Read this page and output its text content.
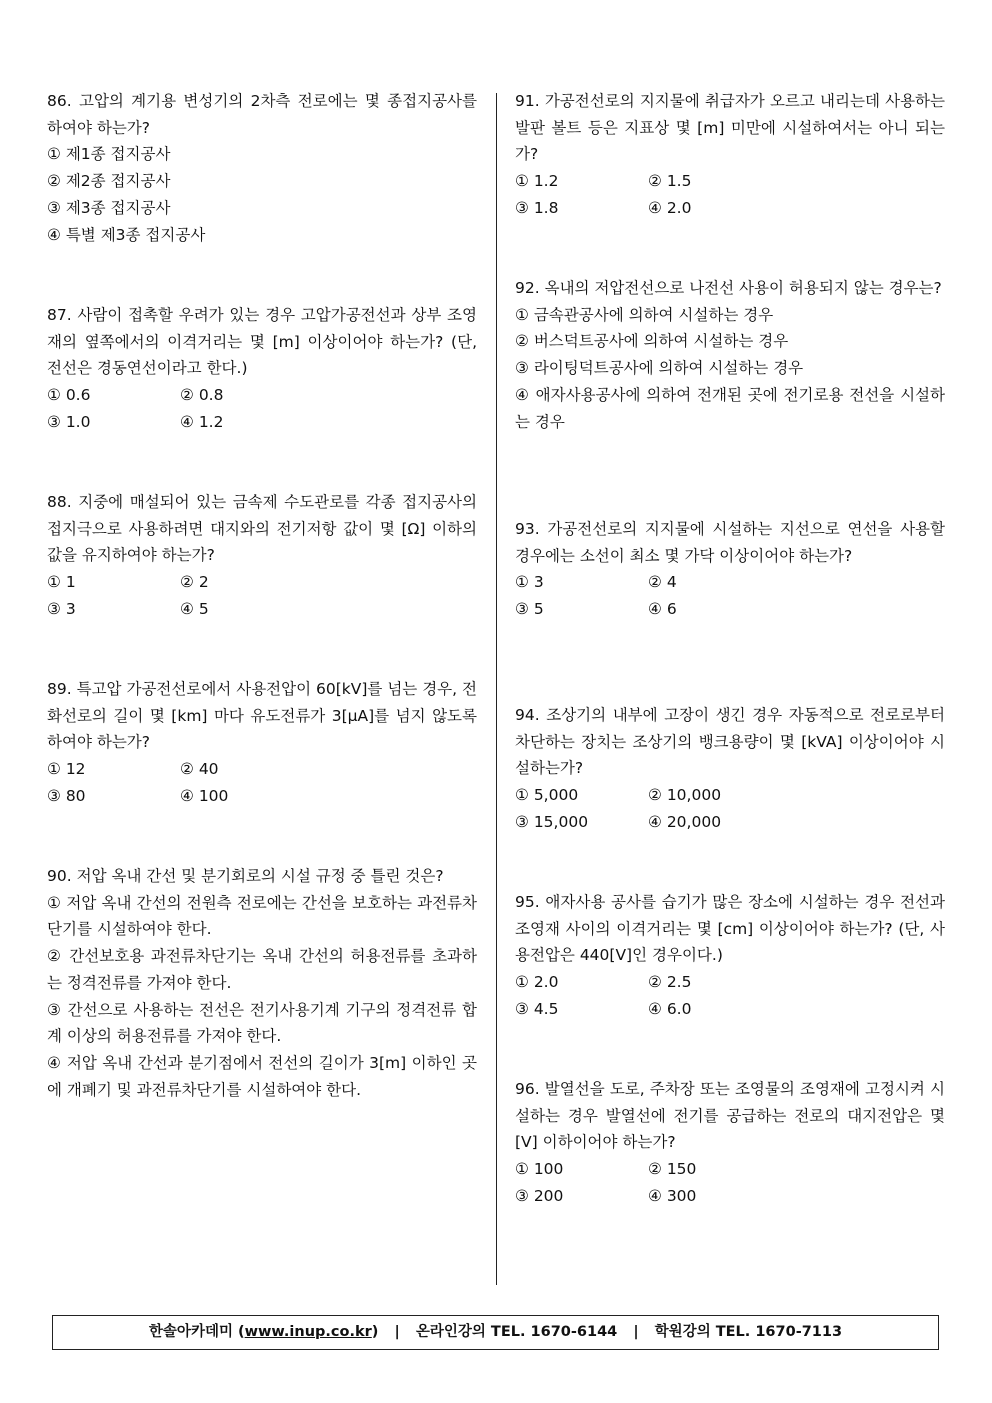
86. 고압의 계기용 변성기의 2차측 전로에는 몇 종접지공사를 하여야 하는가?

① 제1종 접지공사
② 제2종 접지공사
③ 제3종 접지공사
④ 특별 제3종 접지공사

87. 사람이 접촉할 우려가 있는 경우 고압가공전선과 상부 조영재의 옆쪽에서의 이격거리는 몇 [m] 이상이어야 하는가? (단, 전선은 경동연선이라고 한다.)

① 0.6	② 0.8
③ 1.0	④ 1.2

88. 지중에 매설되어 있는 금속제 수도관로를 각종 접지공사의 접지극으로 사용하려면 대지와의 전기저항 값이 몇 [Ω] 이하의 값을 유지하여야 하는가?

① 1	② 2
③ 3	④ 5

89. 특고압 가공전선로에서 사용전압이 60[kV]를 넘는 경우, 전화선로의 길이 몇 [km] 마다 유도전류가 3[μA]를 넘지 않도록 하여야 하는가?

① 12	② 40
③ 80	④ 100

90. 저압 옥내 간선 및 분기회로의 시설 규정 중 틀린 것은?

① 저압 옥내 간선의 전원측 전로에는 간선을 보호하는 과전류차단기를 시설하여야 한다.
② 간선보호용 과전류차단기는 옥내 간선의 허용전류를 초과하는 정격전류를 가져야 한다.
③ 간선으로 사용하는 전선은 전기사용기계 기구의 정격전류 합계 이상의 허용전류를 가져야 한다.
④ 저압 옥내 간선과 분기점에서 전선의 길이가 3[m] 이하인 곳에 개폐기 및 과전류차단기를 시설하여야 한다.

91. 가공전선로의 지지물에 취급자가 오르고 내리는데 사용하는 발판 볼트 등은 지표상 몇 [m] 미만에 시설하여서는 아니 되는가?

① 1.2	② 1.5
③ 1.8	④ 2.0

92. 옥내의 저압전선으로 나전선 사용이 허용되지 않는 경우는?

① 금속관공사에 의하여 시설하는 경우
② 버스덕트공사에 의하여 시설하는 경우
③ 라이팅덕트공사에 의하여 시설하는 경우
④ 애자사용공사에 의하여 전개된 곳에 전기로용 전선을 시설하는 경우

93. 가공전선로의 지지물에 시설하는 지선으로 연선을 사용할 경우에는 소선이 최소 몇 가닥 이상이어야 하는가?

① 3	② 4
③ 5	④ 6

94. 조상기의 내부에 고장이 생긴 경우 자동적으로 전로로부터 차단하는 장치는 조상기의 뱅크용량이 몇 [kVA] 이상이어야 시설하는가?

① 5,000	② 10,000
③ 15,000	④ 20,000

95. 애자사용 공사를 습기가 많은 장소에 시설하는 경우 전선과 조영재 사이의 이격거리는 몇 [cm] 이상이어야 하는가? (단, 사용전압은 440[V]인 경우이다.)

① 2.0	② 2.5
③ 4.5	④ 6.0

96. 발열선을 도로, 주차장 또는 조영물의 조영재에 고정시켜 시설하는 경우 발열선에 전기를 공급하는 전로의 대지전압은 몇 [V] 이하이어야 하는가?

① 100	② 150
③ 200	④ 300
한솔아카데미 (www.inup.co.kr) | 온라인강의 TEL. 1670-6144 | 학원강의 TEL. 1670-7113
